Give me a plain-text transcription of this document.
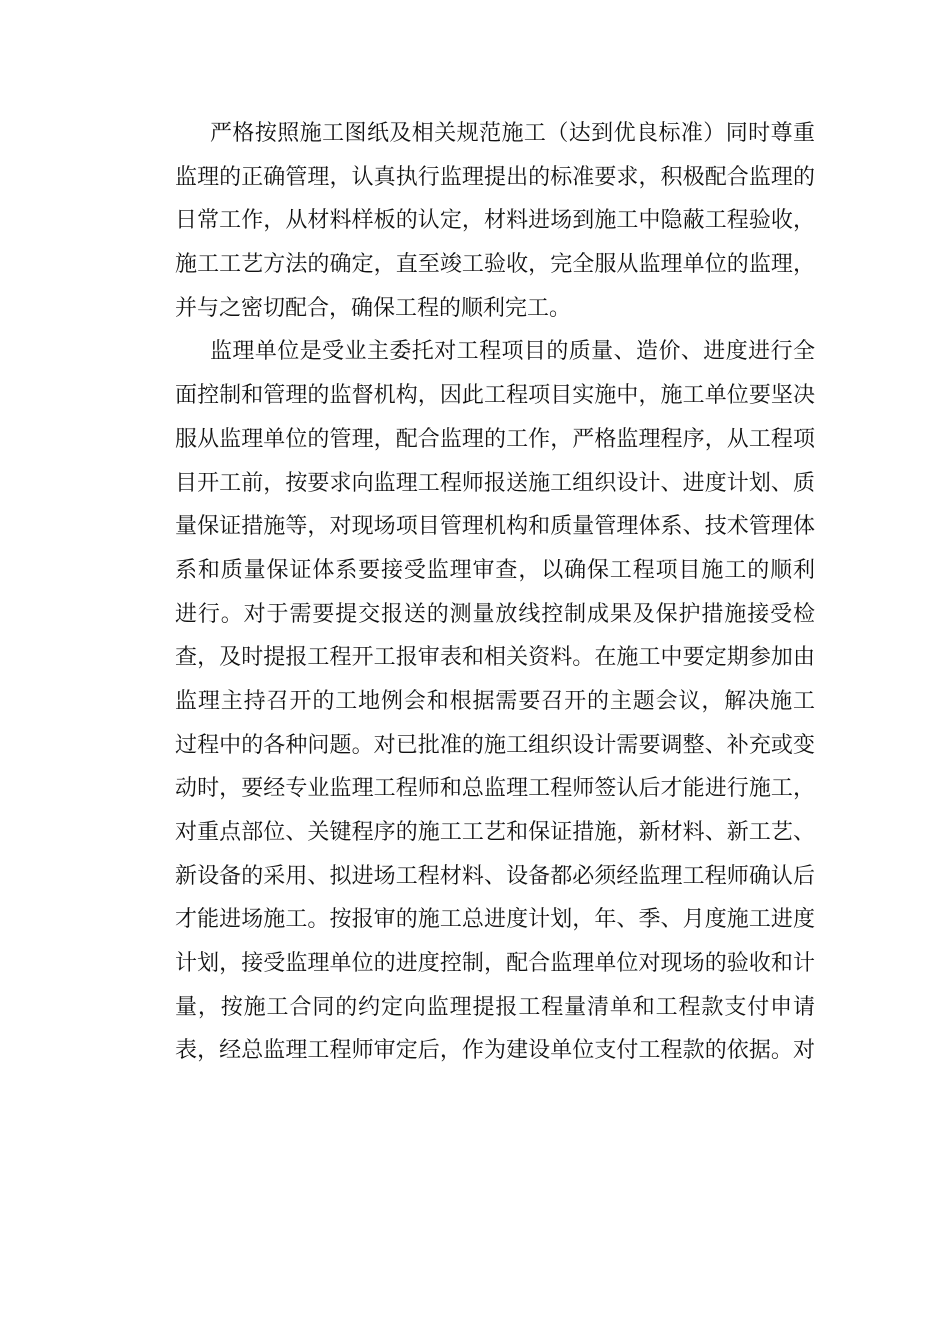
严格按照施工图纸及相关规范施工（达到优良标准）同时尊重
监理的正确管理，认真执行监理提出的标准要求，积极配合监理的
日常工作，从材料样板的认定，材料进场到施工中隐蔽工程验收，
施工工艺方法的确定，直至竣工验收，完全服从监理单位的监理，
并与之密切配合，确保工程的顺利完工。
监理单位是受业主委托对工程项目的质量、造价、进度进行全
面控制和管理的监督机构，因此工程项目实施中，施工单位要坚决
服从监理单位的管理，配合监理的工作，严格监理程序，从工程项
目开工前，按要求向监理工程师报送施工组织设计、进度计划、质
量保证措施等，对现场项目管理机构和质量管理体系、技术管理体
系和质量保证体系要接受监理审查，以确保工程项目施工的顺利
进行。对于需要提交报送的测量放线控制成果及保护措施接受检
查，及时提报工程开工报审表和相关资料。在施工中要定期参加由
监理主持召开的工地例会和根据需要召开的主题会议，解决施工
过程中的各种问题。对已批准的施工组织设计需要调整、补充或变
动时，要经专业监理工程师和总监理工程师签认后才能进行施工，
对重点部位、关键程序的施工工艺和保证措施，新材料、新工艺、
新设备的采用、拟进场工程材料、设备都必须经监理工程师确认后
才能进场施工。按报审的施工总进度计划，年、季、月度施工进度
计划，接受监理单位的进度控制，配合监理单位对现场的验收和计
量，按施工合同的约定向监理提报工程量清单和工程款支付申请
表，经总监理工程师审定后，作为建设单位支付工程款的依据。对
